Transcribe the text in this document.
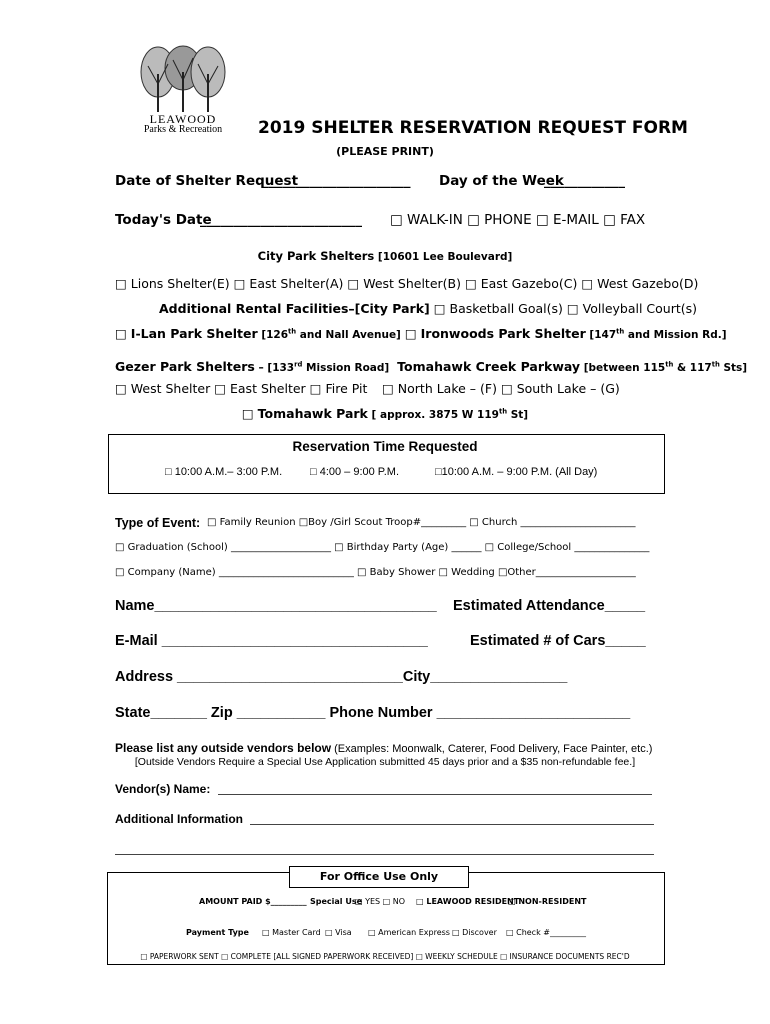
LEAWOOD
Parks & Recreation	2019 SHELTER RESERVATION REQUEST FORM
(PLEASE PRINT)
Date of Shelter Request
______________________ Day of the Week
____________
Today's Date
________________________ □ WALK-IN □ PHONE □ E-MAIL □ FAX
City Park Shelters [10601 Lee Boulevard]
□ Lions Shelter(E) □ East Shelter(A) □ West Shelter(B) □ East Gazebo(C) □ West Gazebo(D)
Additional Rental Facilities–[City Park] □ Basketball Goal(s) □ Volleyball Court(s)
□ I-Lan Park Shelter [126th and Nall Avenue] □ Ironwoods Park Shelter [147th and Mission Rd.]
Gezer Park Shelters – [133rd Mission Road] Tomahawk Creek Parkway [between 115th & 117th Sts]
□ West Shelter □ East Shelter □ Fire Pit □ North Lake – (F) □ South Lake – (G)
□ Tomahawk Park [ approx. 3875 W 119th St]
Reservation Time Requested
□ 10:00 A.M.– 3:00 P.M.	□ 4:00 – 9:00 P.M.	□10:00 A.M. – 9:00 P.M. (All Day)
Type of Event: □ Family Reunion □Boy /Girl Scout Troop#_________ □ Church _______________________
□ Graduation (School) ____________________ □ Birthday Party (Age) ______ □ College/School _______________
□ Company (Name) ___________________________ □ Baby Shower □ Wedding □Other____________________
Name___________________________________ Estimated Attendance_____
E-Mail _________________________________	Estimated # of Cars_____
Address ____________________________City_________________
State_______ Zip ___________ Phone Number ________________________
Please list any outside vendors below (Examples: Moonwalk, Caterer, Food Delivery, Face Painter, etc.)
[Outside Vendors Require a Special Use Application submitted 45 days prior and a $35 non-refundable fee.]
Vendor(s) Name:
Additional Information
For Office Use Only
AMOUNT PAID $_________ Special Use
□ YES □ NO □ LEAWOOD RESIDENT
□ NON-RESIDENT
Payment Type □ Master Card □ Visa □ American Express □ Discover □ Check #_________
□ PAPERWORK SENT □ COMPLETE [ALL SIGNED PAPERWORK RECEIVED] □ WEEKLY SCHEDULE □ INSURANCE DOCUMENTS REC'D
